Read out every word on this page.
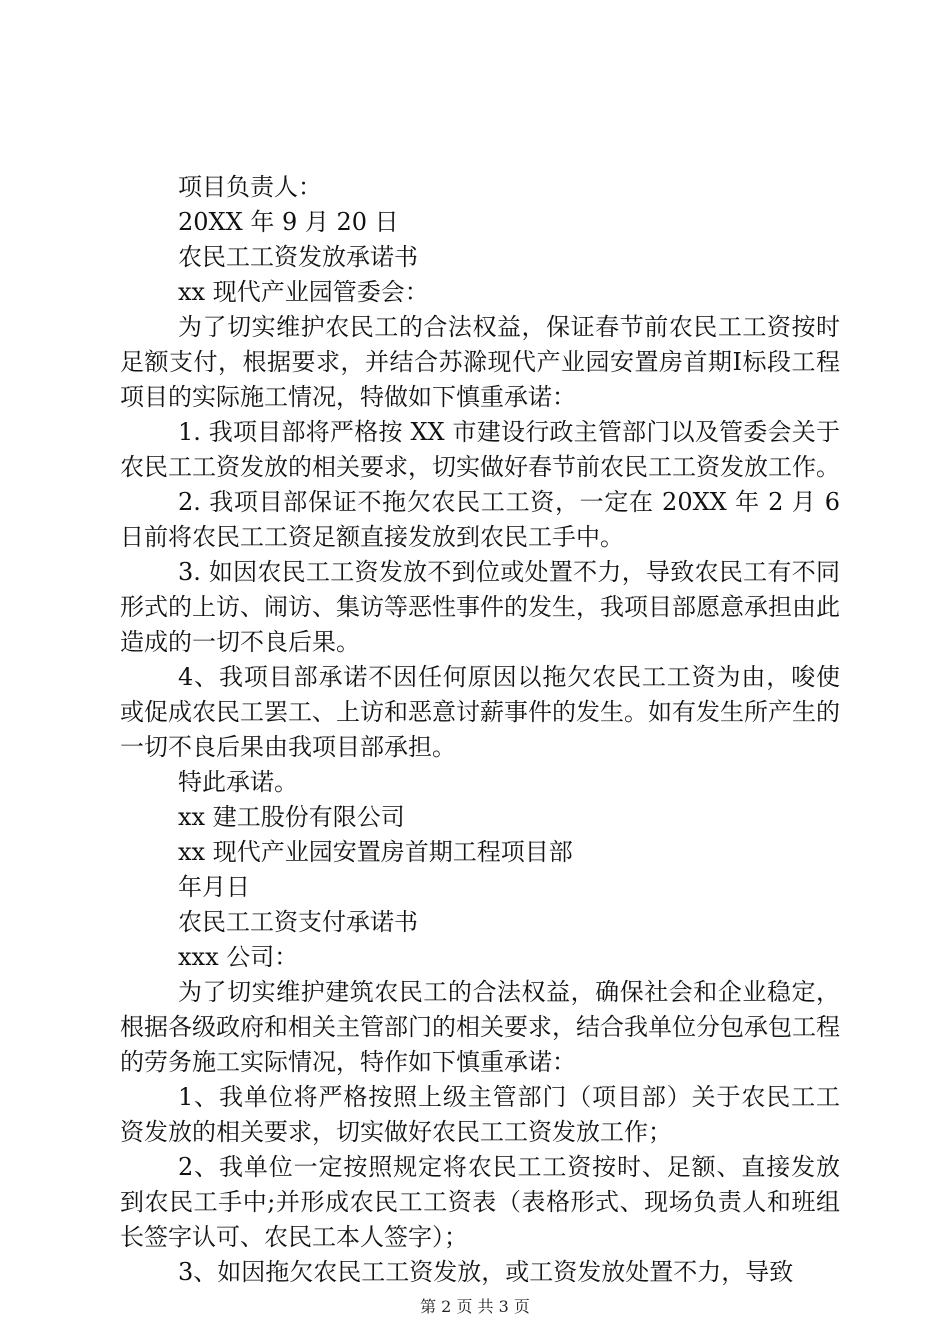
项目负责人：
20XX 年 9 月 20 日
农民工工资发放承诺书
xx 现代产业园管委会：
为了切实维护农民工的合法权益，保证春节前农民工工资按时足额支付，根据要求，并结合苏滁现代产业园安置房首期Ⅰ标段工程项目的实际施工情况，特做如下慎重承诺：
1. 我项目部将严格按 XX 市建设行政主管部门以及管委会关于农民工工资发放的相关要求，切实做好春节前农民工工资发放工作。
2. 我项目部保证不拖欠农民工工资，一定在 20XX 年 2 月 6 日前将农民工工资足额直接发放到农民工手中。
3. 如因农民工工资发放不到位或处置不力，导致农民工有不同形式的上访、闹访、集访等恶性事件的发生，我项目部愿意承担由此造成的一切不良后果。
4、我项目部承诺不因任何原因以拖欠农民工工资为由，唆使或促成农民工罢工、上访和恶意讨薪事件的发生。如有发生所产生的一切不良后果由我项目部承担。
特此承诺。
xx 建工股份有限公司
xx 现代产业园安置房首期工程项目部
年月日
农民工工资支付承诺书
xxx 公司：
为了切实维护建筑农民工的合法权益，确保社会和企业稳定，根据各级政府和相关主管部门的相关要求，结合我单位分包承包工程的劳务施工实际情况，特作如下慎重承诺：
1、我单位将严格按照上级主管部门（项目部）关于农民工工资发放的相关要求，切实做好农民工工资发放工作；
2、我单位一定按照规定将农民工工资按时、足额、直接发放到农民工手中;并形成农民工工资表（表格形式、现场负责人和班组长签字认可、农民工本人签字）；
3、如因拖欠农民工工资发放，或工资发放处置不力，导致
第 2 页 共 3 页
